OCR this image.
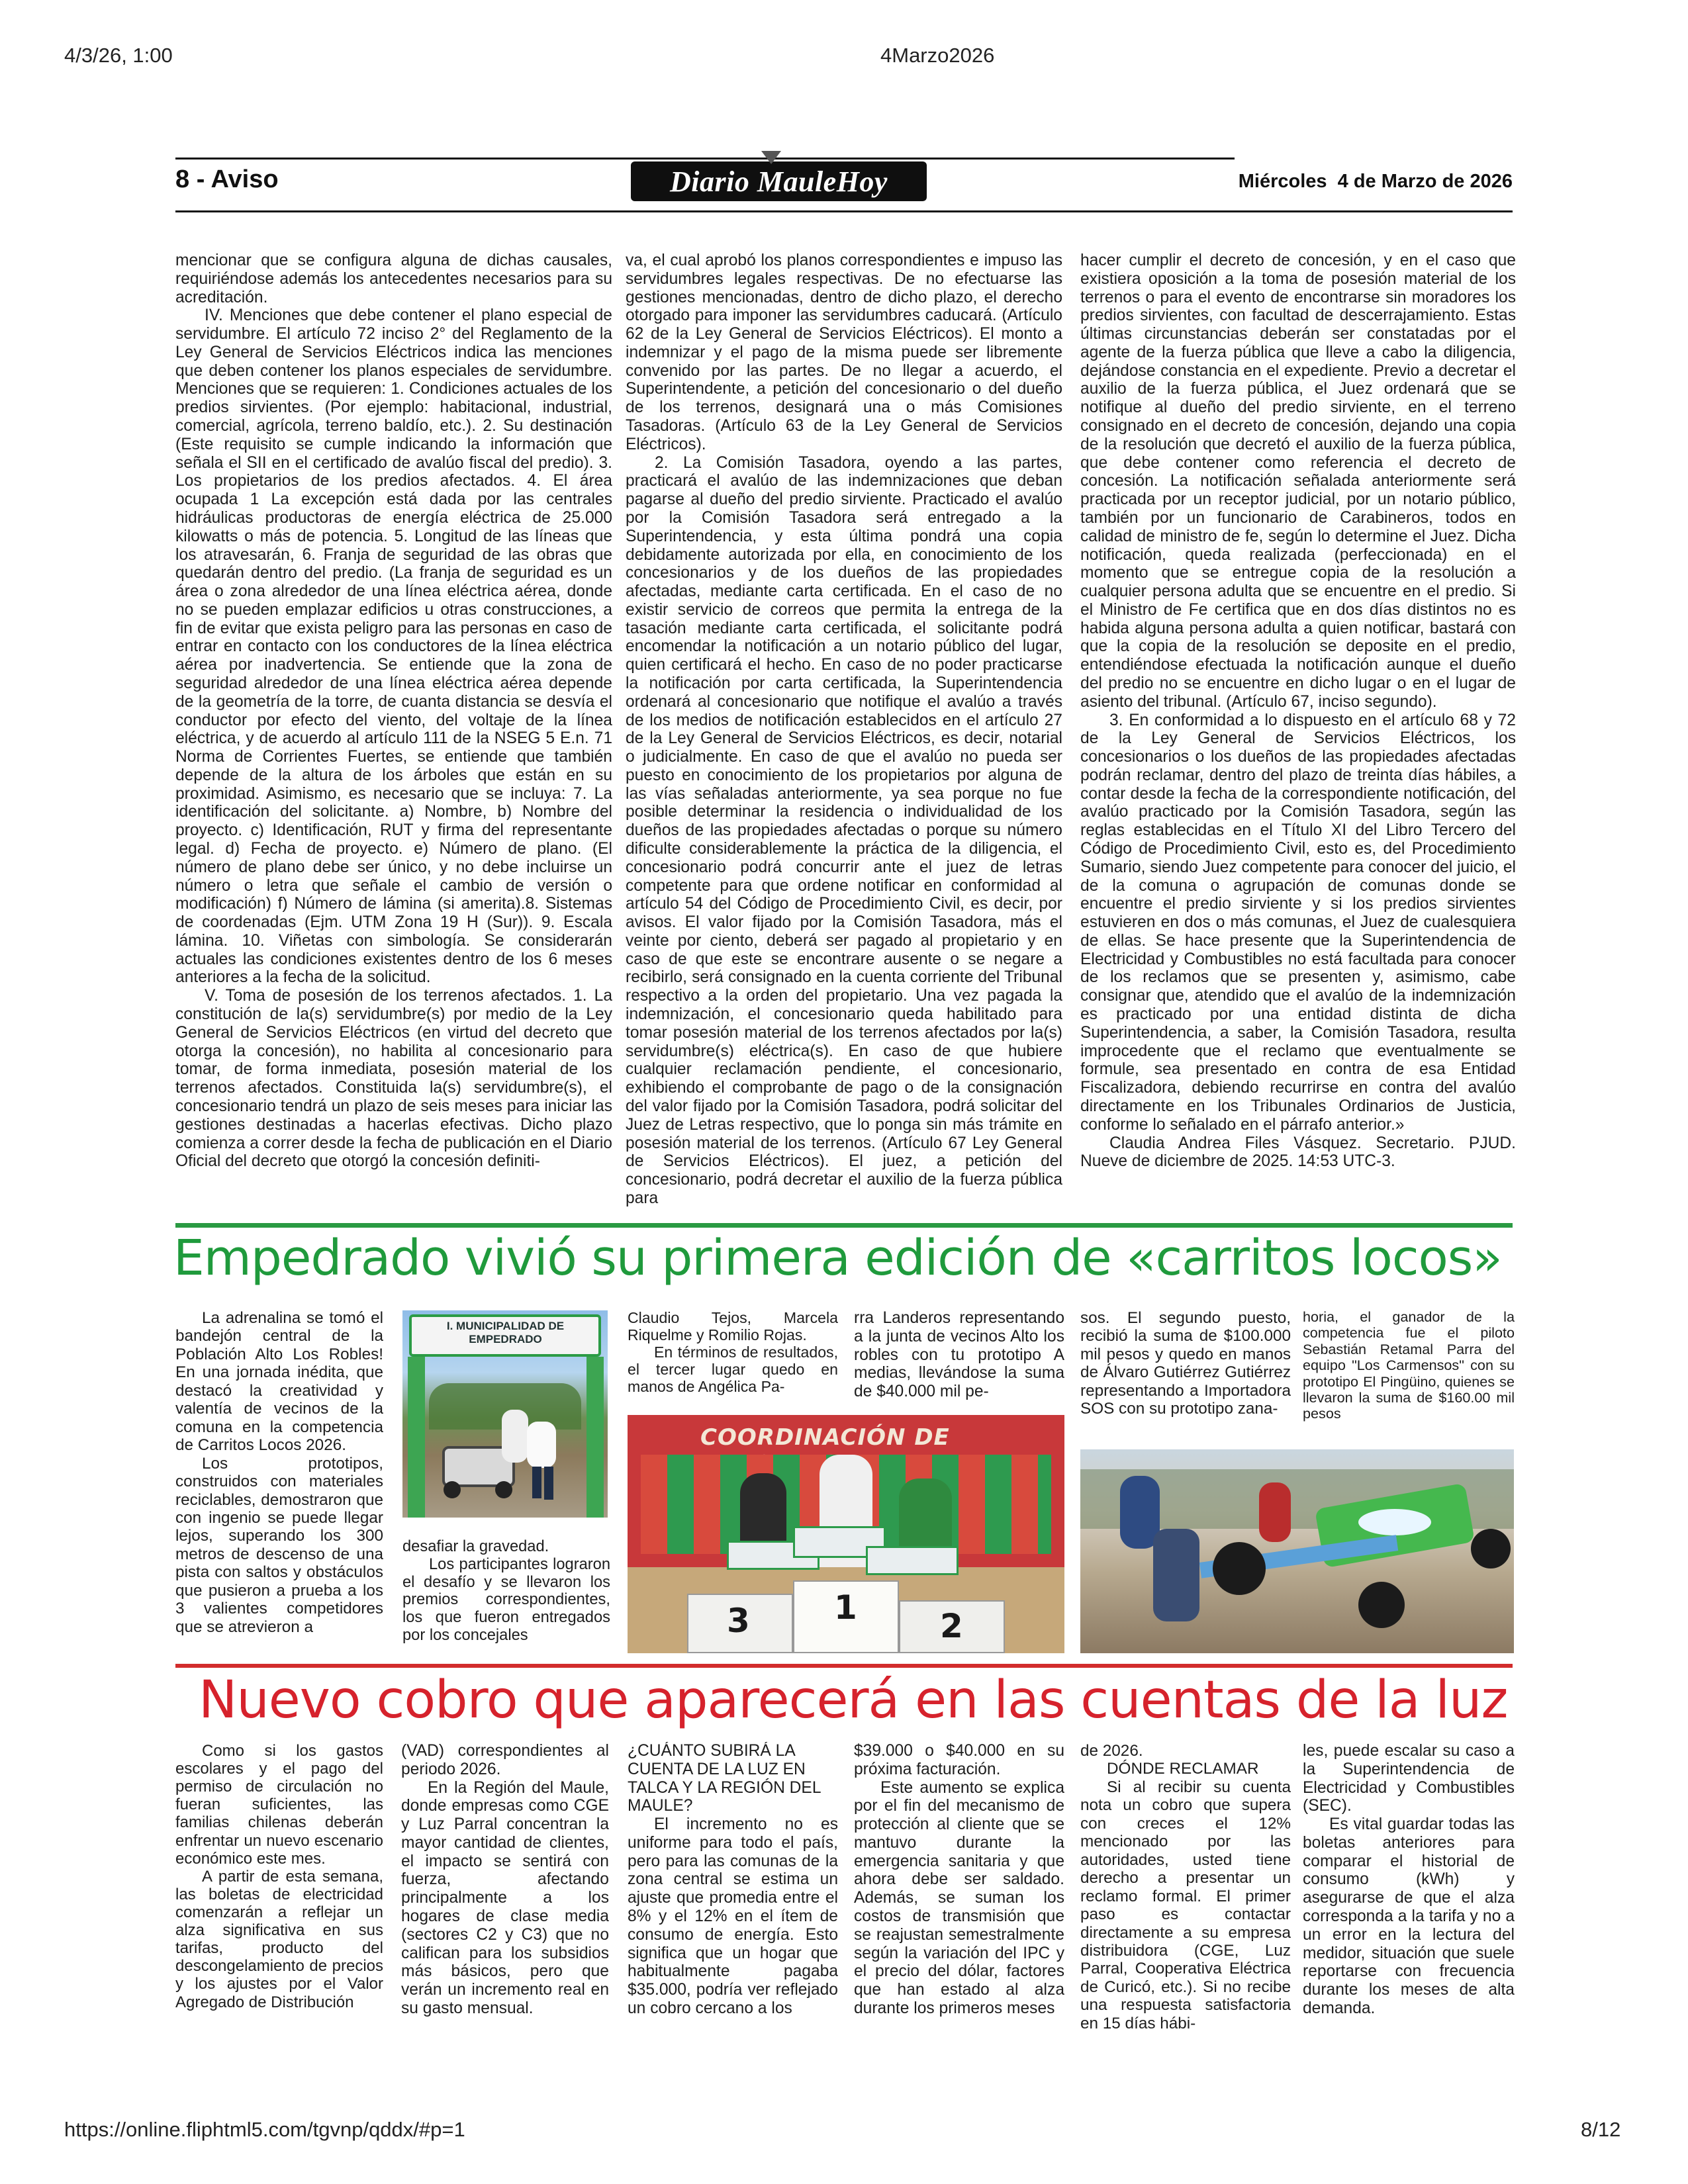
4/3/26, 1:00	4Marzo2026
https://online.fliphtml5.com/tgvnp/qddx/#p=1	8/12
8 - Aviso	Diario MauleHoy	Miércoles  4 de Marzo de 2026

mencionar que se configura alguna de dichas causales, requiriéndose además los antecedentes necesarios para su acreditación.

IV. Menciones que debe contener el plano especial de servidumbre. El artículo 72 inciso 2° del Reglamento de la Ley General de Servicios Eléctricos indica las menciones que deben contener los planos especiales de servidumbre. Menciones que se requieren: 1. Condiciones actuales de los predios sirvientes. (Por ejemplo: habitacional, industrial, comercial, agrícola, terreno baldío, etc.). 2. Su destinación (Este requisito se cumple indicando la información que señala el SII en el certificado de avalúo fiscal del predio). 3. Los propietarios de los predios afectados. 4. El área ocupada 1 La excepción está dada por las centrales hidráulicas productoras de energía eléctrica de 25.000 kilowatts o más de potencia. 5. Longitud de las líneas que los atravesarán, 6. Franja de seguridad de las obras que quedarán dentro del predio. (La franja de seguridad es un área o zona alrededor de una línea eléctrica aérea, donde no se pueden emplazar edificios u otras construcciones, a fin de evitar que exista peligro para las personas en caso de entrar en contacto con los conductores de la línea eléctrica aérea por inadvertencia. Se entiende que la zona de seguridad alrededor de una línea eléctrica aérea depende de la geometría de la torre, de cuanta distancia se desvía el conductor por efecto del viento, del voltaje de la línea eléctrica, y de acuerdo al artículo 111 de la NSEG 5 E.n. 71 Norma de Corrientes Fuertes, se entiende que también depende de la altura de los árboles que están en su proximidad. Asimismo, es necesario que se incluya: 7. La identificación del solicitante. a) Nombre, b) Nombre del proyecto. c) Identificación, RUT y firma del representante legal. d) Fecha de proyecto. e) Número de plano. (El número de plano debe ser único, y no debe incluirse un número o letra que señale el cambio de versión o modificación) f) Número de lámina (si amerita).8. Sistemas de coordenadas (Ejm. UTM Zona 19 H (Sur)). 9. Escala lámina. 10. Viñetas con simbología. Se considerarán actuales las condiciones existentes dentro de los 6 meses anteriores a la fecha de la solicitud.

V. Toma de posesión de los terrenos afectados. 1. La constitución de la(s) servidumbre(s) por medio de la Ley General de Servicios Eléctricos (en virtud del decreto que otorga la concesión), no habilita al concesionario para tomar, de forma inmediata, posesión material de los terrenos afectados. Constituida la(s) servidumbre(s), el concesionario tendrá un plazo de seis meses para iniciar las gestiones destinadas a hacerlas efectivas. Dicho plazo comienza a correr desde la fecha de publicación en el Diario Oficial del decreto que otorgó la concesión definiti-

va, el cual aprobó los planos correspondientes e impuso las servidumbres legales respectivas. De no efectuarse las gestiones mencionadas, dentro de dicho plazo, el derecho otorgado para imponer las servidumbres caducará. (Artículo 62 de la Ley General de Servicios Eléctricos). El monto a indemnizar y el pago de la misma puede ser libremente convenido por las partes. De no llegar a acuerdo, el Superintendente, a petición del concesionario o del dueño de los terrenos, designará una o más Comisiones Tasadoras. (Artículo 63 de la Ley General de Servicios Eléctricos).

2. La Comisión Tasadora, oyendo a las partes, practicará el avalúo de las indemnizaciones que deban pagarse al dueño del predio sirviente. Practicado el avalúo por la Comisión Tasadora será entregado a la Superintendencia, y esta última pondrá una copia debidamente autorizada por ella, en conocimiento de los concesionarios y de los dueños de las propiedades afectadas, mediante carta certificada. En el caso de no existir servicio de correos que permita la entrega de la tasación mediante carta certificada, el solicitante podrá encomendar la notificación a un notario público del lugar, quien certificará el hecho. En caso de no poder practicarse la notificación por carta certificada, la Superintendencia ordenará al concesionario que notifique el avalúo a través de los medios de notificación establecidos en el artículo 27 de la Ley General de Servicios Eléctricos, es decir, notarial o judicialmente. En caso de que el avalúo no pueda ser puesto en conocimiento de los propietarios por alguna de las vías señaladas anteriormente, ya sea porque no fue posible determinar la residencia o individualidad de los dueños de las propiedades afectadas o porque su número dificulte considerablemente la práctica de la diligencia, el concesionario podrá concurrir ante el juez de letras competente para que ordene notificar en conformidad al artículo 54 del Código de Procedimiento Civil, es decir, por avisos. El valor fijado por la Comisión Tasadora, más el veinte por ciento, deberá ser pagado al propietario y en caso de que este se encontrare ausente o se negare a recibirlo, será consignado en la cuenta corriente del Tribunal respectivo a la orden del propietario. Una vez pagada la indemnización, el concesionario queda habilitado para tomar posesión material de los terrenos afectados por la(s) servidumbre(s) eléctrica(s). En caso de que hubiere cualquier reclamación pendiente, el concesionario, exhibiendo el comprobante de pago o de la consignación del valor fijado por la Comisión Tasadora, podrá solicitar del Juez de Letras respectivo, que lo ponga sin más trámite en posesión material de los terrenos. (Artículo 67 Ley General de Servicios Eléctricos). El juez, a petición del concesionario, podrá decretar el auxilio de la fuerza pública para

hacer cumplir el decreto de concesión, y en el caso que existiera oposición a la toma de posesión material de los terrenos o para el evento de encontrarse sin moradores los predios sirvientes, con facultad de descerrajamiento. Estas últimas circunstancias deberán ser constatadas por el agente de la fuerza pública que lleve a cabo la diligencia, dejándose constancia en el expediente. Previo a decretar el auxilio de la fuerza pública, el Juez ordenará que se notifique al dueño del predio sirviente, en el terreno consignado en el decreto de concesión, dejando una copia de la resolución que decretó el auxilio de la fuerza pública, que debe contener como referencia el decreto de concesión. La notificación señalada anteriormente será practicada por un receptor judicial, por un notario público, también por un funcionario de Carabineros, todos en calidad de ministro de fe, según lo determine el Juez. Dicha notificación, queda realizada (perfeccionada) en el momento que se entregue copia de la resolución a cualquier persona adulta que se encuentre en el predio. Si el Ministro de Fe certifica que en dos días distintos no es habida alguna persona adulta a quien notificar, bastará con que la copia de la resolución se deposite en el predio, entendiéndose efectuada la notificación aunque el dueño del predio no se encuentre en dicho lugar o en el lugar de asiento del tribunal. (Artículo 67, inciso segundo).

3. En conformidad a lo dispuesto en el artículo 68 y 72 de la Ley General de Servicios Eléctricos, los concesionarios o los dueños de las propiedades afectadas podrán reclamar, dentro del plazo de treinta días hábiles, a contar desde la fecha de la correspondiente notificación, del avalúo practicado por la Comisión Tasadora, según las reglas establecidas en el Título XI del Libro Tercero del Código de Procedimiento Civil, esto es, del Procedimiento Sumario, siendo Juez competente para conocer del juicio, el de la comuna o agrupación de comunas donde se encuentre el predio sirviente y si los predios sirvientes estuvieren en dos o más comunas, el Juez de cualesquiera de ellas. Se hace presente que la Superintendencia de Electricidad y Combustibles no está facultada para conocer de los reclamos que se presenten y, asimismo, cabe consignar que, atendido que el avalúo de la indemnización es practicado por una entidad distinta de dicha Superintendencia, a saber, la Comisión Tasadora, resulta improcedente que el reclamo que eventualmente se formule, sea presentado en contra de esa Entidad Fiscalizadora, debiendo recurrirse en contra del avalúo directamente en los Tribunales Ordinarios de Justicia, conforme lo señalado en el párrafo anterior.»

Claudia Andrea Files Vásquez. Secretario. PJUD. Nueve de diciembre de 2025. 14:53 UTC-3.

Empedrado vivió su primera edición de «carritos locos»

La adrenalina se tomó el bandejón central de la Población Alto Los Robles! En una jornada inédita, que destacó la creatividad y valentía de vecinos de la comuna en la competencia de Carritos Locos 2026.

Los prototipos, construidos con materiales reciclables, demostraron que con ingenio se puede llegar lejos, superando los 300 metros de descenso de una pista con saltos y obstáculos que pusieron a prueba a los 3 valientes competidores que se atrevieron a

I. MUNICIPALIDAD DE EMPEDRADO

desafiar la gravedad.

Los participantes lograron el desafío y se llevaron los premios correspondientes, los que fueron entregados por los concejales

Claudio Tejos, Marcela Riquelme y Romilio Rojas.

En términos de resultados, el tercer lugar quedo en manos de Angélica Pa-

rra Landeros representando a la junta de vecinos Alto los robles con tu prototipo A medias, llevándose la suma de $40.000 mil pe-

COORDINACIÓN DE
3	1	2

sos. El segundo puesto, recibió la suma de $100.000 mil pesos y quedo en manos de Álvaro Gutiérrez Gutiérrez representando a Importadora SOS con su prototipo zana-

horia, el ganador de la competencia fue el piloto Sebastián Retamal Parra del equipo "Los Carmensos" con su prototipo El Pingüino, quienes se llevaron la suma de $160.00 mil pesos

Nuevo cobro que aparecerá en las cuentas de la luz

Como si los gastos escolares y el pago del permiso de circulación no fueran suficientes, las familias chilenas deberán enfrentar un nuevo escenario económico este mes.

A partir de esta semana, las boletas de electricidad comenzarán a reflejar un alza significativa en sus tarifas, producto del descongelamiento de precios y los ajustes por el Valor Agregado de Distribución

(VAD) correspondientes al periodo 2026.

En la Región del Maule, donde empresas como CGE y Luz Parral concentran la mayor cantidad de clientes, el impacto se sentirá con fuerza, afectando principalmente a los hogares de clase media (sectores C2 y C3) que no califican para los subsidios más básicos, pero que verán un incremento real en su gasto mensual.

¿CUÁNTO SUBIRÁ LA CUENTA DE LA LUZ EN TALCA Y LA REGIÓN DEL MAULE?

El incremento no es uniforme para todo el país, pero para las comunas de la zona central se estima un ajuste que promedia entre el 8% y el 12% en el ítem de consumo de energía. Esto significa que un hogar que habitualmente pagaba $35.000, podría ver reflejado un cobro cercano a los

$39.000 o $40.000 en su próxima facturación.

Este aumento se explica por el fin del mecanismo de protección al cliente que se mantuvo durante la emergencia sanitaria y que ahora debe ser saldado. Además, se suman los costos de transmisión que se reajustan semestralmente según la variación del IPC y el precio del dólar, factores que han estado al alza durante los primeros meses

de 2026.

DÓNDE RECLAMAR

Si al recibir su cuenta nota un cobro que supera con creces el 12% mencionado por las autoridades, usted tiene derecho a presentar un reclamo formal. El primer paso es contactar directamente a su empresa distribuidora (CGE, Luz Parral, Cooperativa Eléctrica de Curicó, etc.). Si no recibe una respuesta satisfactoria en 15 días hábi-

les, puede escalar su caso a la Superintendencia de Electricidad y Combustibles (SEC).

Es vital guardar todas las boletas anteriores para comparar el historial de consumo (kWh) y asegurarse de que el alza corresponda a la tarifa y no a un error en la lectura del medidor, situación que suele reportarse con frecuencia durante los meses de alta demanda.
